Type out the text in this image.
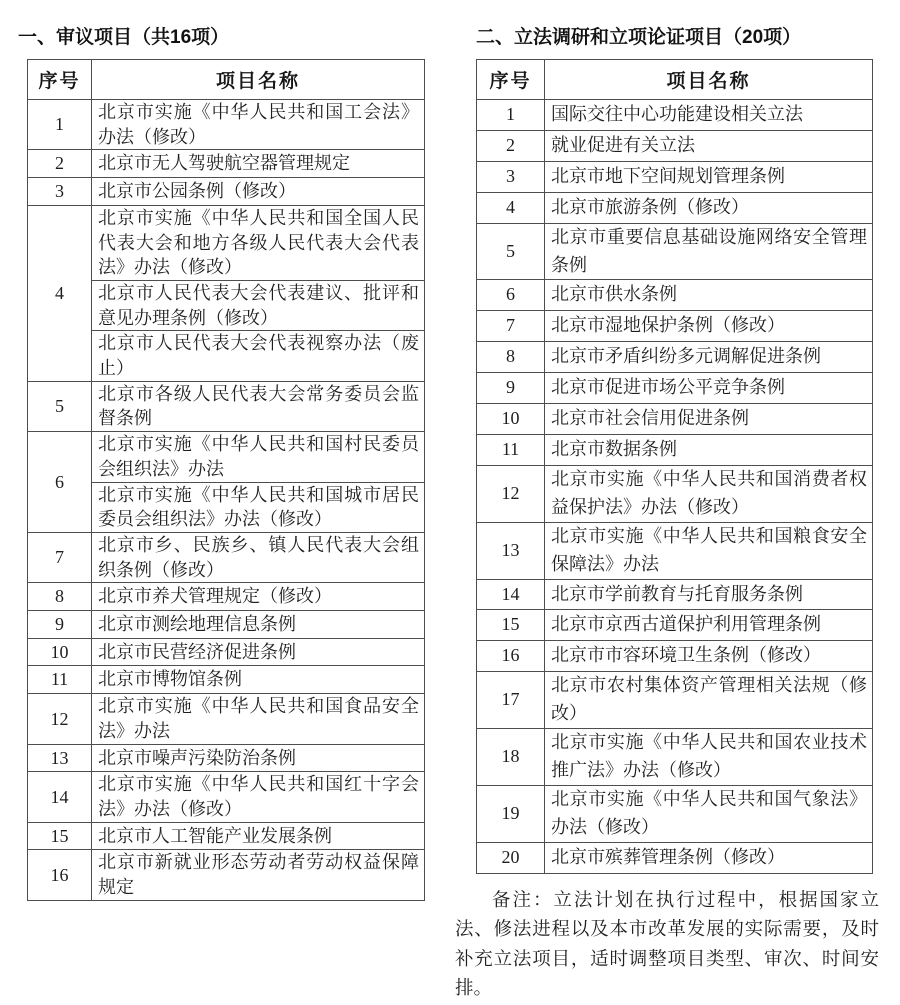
一、审议项目（共16项）
序号	项目名称
1	北京市实施《中华人民共和国工会法》办法（修改）
2	北京市无人驾驶航空器管理规定
3	北京市公园条例（修改）
4	北京市实施《中华人民共和国全国人民代表大会和地方各级人民代表大会代表法》办法（修改）
	北京市人民代表大会代表建议、批评和意见办理条例（修改）
	北京市人民代表大会代表视察办法（废止）
5	北京市各级人民代表大会常务委员会监督条例
6	北京市实施《中华人民共和国村民委员会组织法》办法
	北京市实施《中华人民共和国城市居民委员会组织法》办法（修改）
7	北京市乡、民族乡、镇人民代表大会组织条例（修改）
8	北京市养犬管理规定（修改）
9	北京市测绘地理信息条例
10	北京市民营经济促进条例
11	北京市博物馆条例
12	北京市实施《中华人民共和国食品安全法》办法
13	北京市噪声污染防治条例
14	北京市实施《中华人民共和国红十字会法》办法（修改）
15	北京市人工智能产业发展条例
16	北京市新就业形态劳动者劳动权益保障规定
二、立法调研和立项论证项目（20项）
序号	项目名称
1	国际交往中心功能建设相关立法
2	就业促进有关立法
3	北京市地下空间规划管理条例
4	北京市旅游条例（修改）
5	北京市重要信息基础设施网络安全管理条例
6	北京市供水条例
7	北京市湿地保护条例（修改）
8	北京市矛盾纠纷多元调解促进条例
9	北京市促进市场公平竞争条例
10	北京市社会信用促进条例
11	北京市数据条例
12	北京市实施《中华人民共和国消费者权益保护法》办法（修改）
13	北京市实施《中华人民共和国粮食安全保障法》办法
14	北京市学前教育与托育服务条例
15	北京市京西古道保护利用管理条例
16	北京市市容环境卫生条例（修改）
17	北京市农村集体资产管理相关法规（修改）
18	北京市实施《中华人民共和国农业技术推广法》办法（修改）
19	北京市实施《中华人民共和国气象法》办法（修改）
20	北京市殡葬管理条例（修改）

备注：立法计划在执行过程中，根据国家立法、修法进程以及本市改革发展的实际需要，及时补充立法项目，适时调整项目类型、审次、时间安排。
